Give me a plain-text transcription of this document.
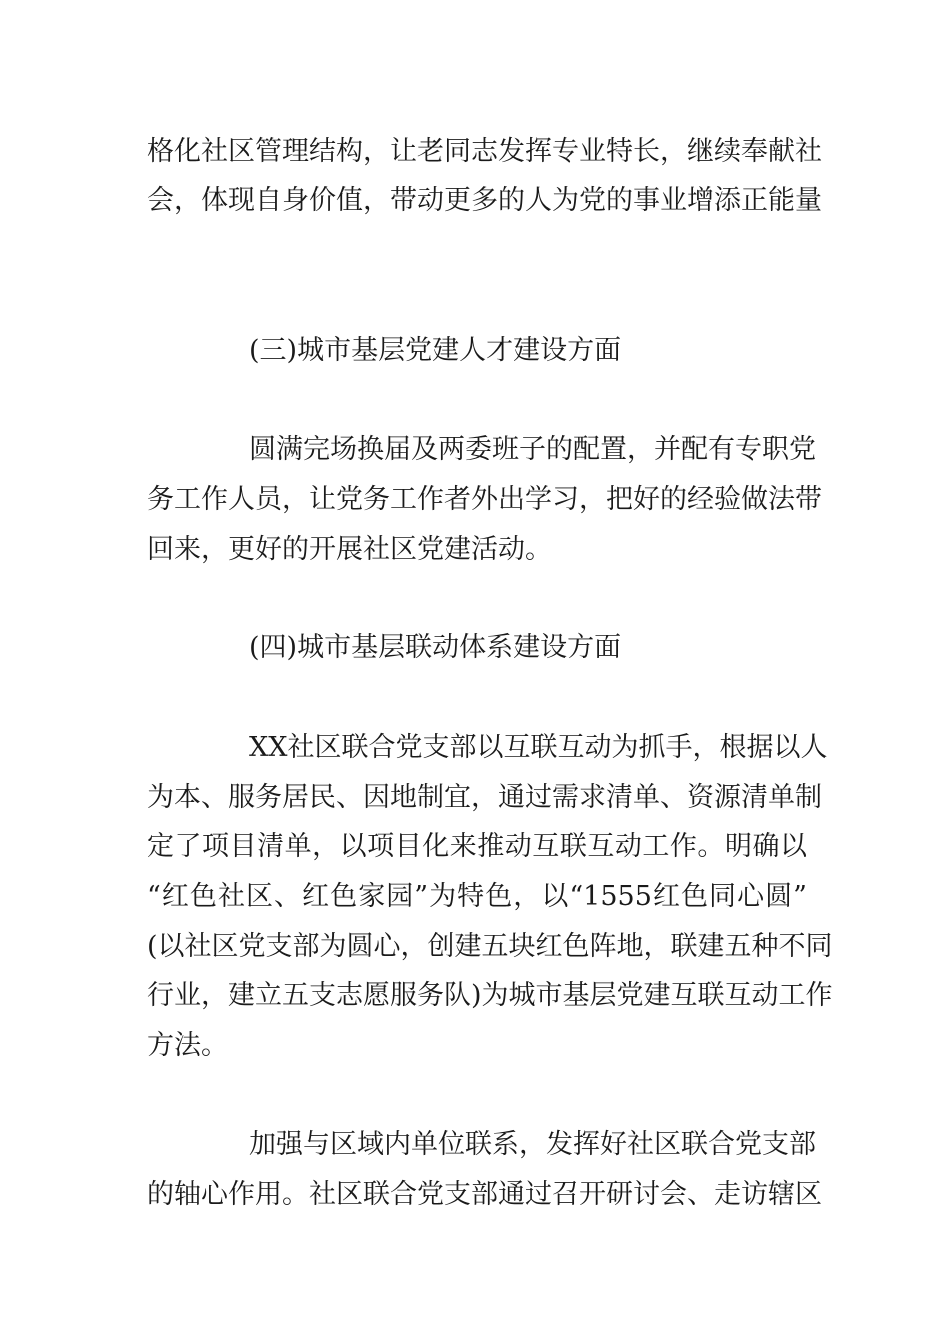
格化社区管理结构，让老同志发挥专业特长，继续奉献社

会，体现自身价值，带动更多的人为党的事业增添正能量

(三)城市基层党建人才建设方面

圆满完场换届及两委班子的配置，并配有专职党

务工作人员，让党务工作者外出学习，把好的经验做法带

回来，更好的开展社区党建活动。

(四)城市基层联动体系建设方面

XX社区联合党支部以互联互动为抓手，根据以人

为本、服务居民、因地制宜，通过需求清单、资源清单制

定了项目清单，以项目化来推动互联互动工作。明确以

“红色社区、红色家园”为特色，以“1555红色同心圆”

(以社区党支部为圆心，创建五块红色阵地，联建五种不同

行业，建立五支志愿服务队)为城市基层党建互联互动工作

方法。

加强与区域内单位联系，发挥好社区联合党支部

的轴心作用。社区联合党支部通过召开研讨会、走访辖区
